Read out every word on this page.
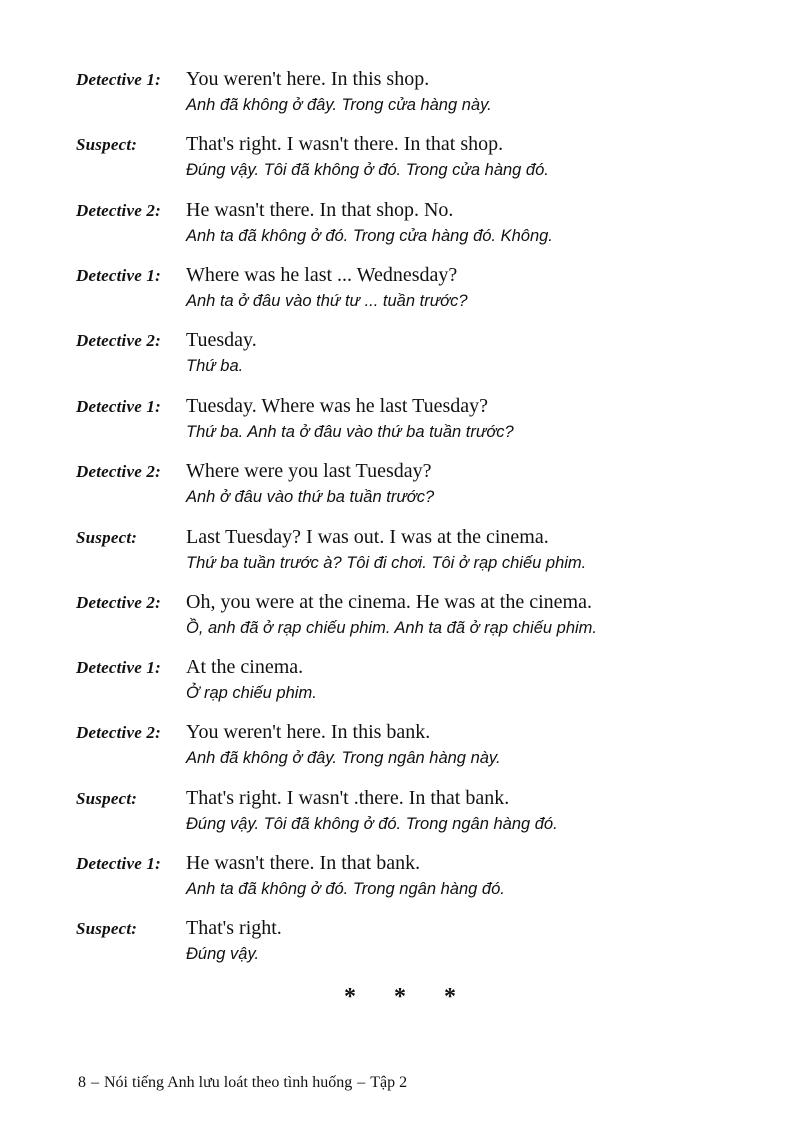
Detective 1: You weren't here. In this shop.
Anh đã không ở đây. Trong cửa hàng này.
Suspect: That's right. I wasn't there. In that shop.
Đúng vậy. Tôi đã không ở đó. Trong cửa hàng đó.
Detective 2: He wasn't there. In that shop. No.
Anh ta đã không ở đó. Trong cửa hàng đó. Không.
Detective 1: Where was he last ... Wednesday?
Anh ta ở đâu vào thứ tư ... tuần trước?
Detective 2: Tuesday.
Thứ ba.
Detective 1: Tuesday. Where was he last Tuesday?
Thứ ba. Anh ta ở đâu vào thứ ba tuần trước?
Detective 2: Where were you last Tuesday?
Anh ở đâu vào thứ ba tuần trước?
Suspect: Last Tuesday? I was out. I was at the cinema.
Thứ ba tuần trước à? Tôi đi chơi. Tôi ở rạp chiếu phim.
Detective 2: Oh, you were at the cinema. He was at the cinema.
Ồ, anh đã ở rạp chiếu phim. Anh ta đã ở rạp chiếu phim.
Detective 1: At the cinema.
Ở rạp chiếu phim.
Detective 2: You weren't here. In this bank.
Anh đã không ở đây. Trong ngân hàng này.
Suspect: That's right. I wasn't .there. In that bank.
Đúng vậy. Tôi đã không ở đó. Trong ngân hàng đó.
Detective 1: He wasn't there. In that bank.
Anh ta đã không ở đó. Trong ngân hàng đó.
Suspect: That's right.
Đúng vậy.
* * *
8 – Nói tiếng Anh lưu loát theo tình huống – Tập 2
